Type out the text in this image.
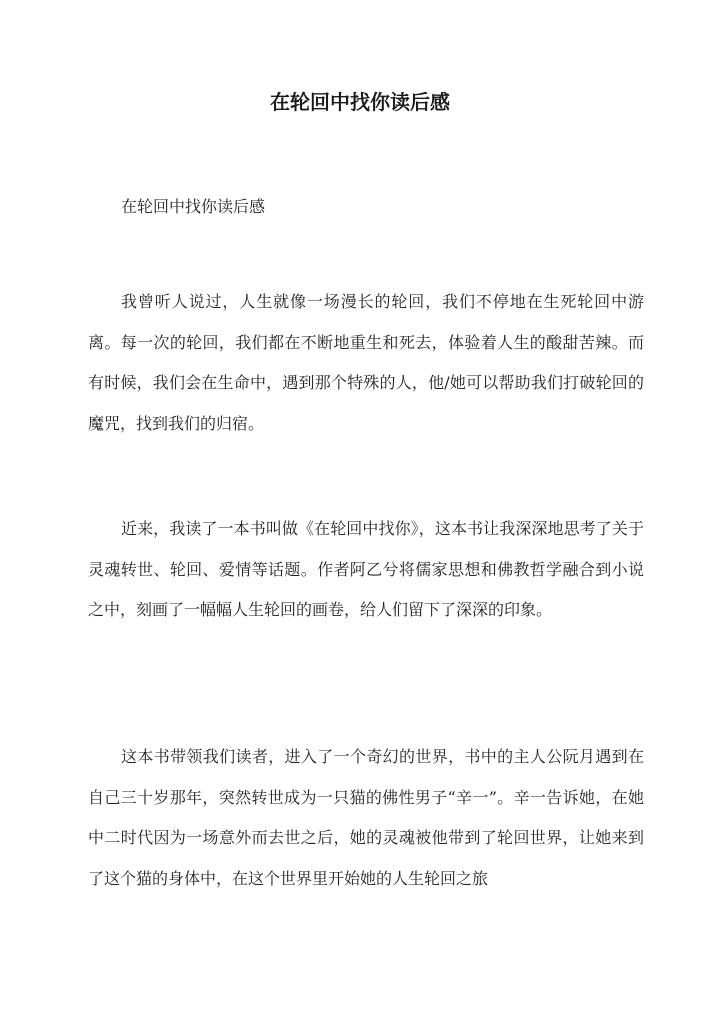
在轮回中找你读后感
在轮回中找你读后感
我曾听人说过，人生就像一场漫长的轮回，我们不停地在生死轮回中游离。每一次的轮回，我们都在不断地重生和死去，体验着人生的酸甜苦辣。而有时候，我们会在生命中，遇到那个特殊的人，他/她可以帮助我们打破轮回的魔咒，找到我们的归宿。
近来，我读了一本书叫做《在轮回中找你》，这本书让我深深地思考了关于灵魂转世、轮回、爱情等话题。作者阿乙兮将儒家思想和佛教哲学融合到小说之中，刻画了一幅幅人生轮回的画卷，给人们留下了深深的印象。
这本书带领我们读者，进入了一个奇幻的世界，书中的主人公阮月遇到在自己三十岁那年，突然转世成为一只猫的佛性男子“辛一”。辛一告诉她，在她中二时代因为一场意外而去世之后，她的灵魂被他带到了轮回世界，让她来到了这个猫的身体中，在这个世界里开始她的人生轮回之旅
